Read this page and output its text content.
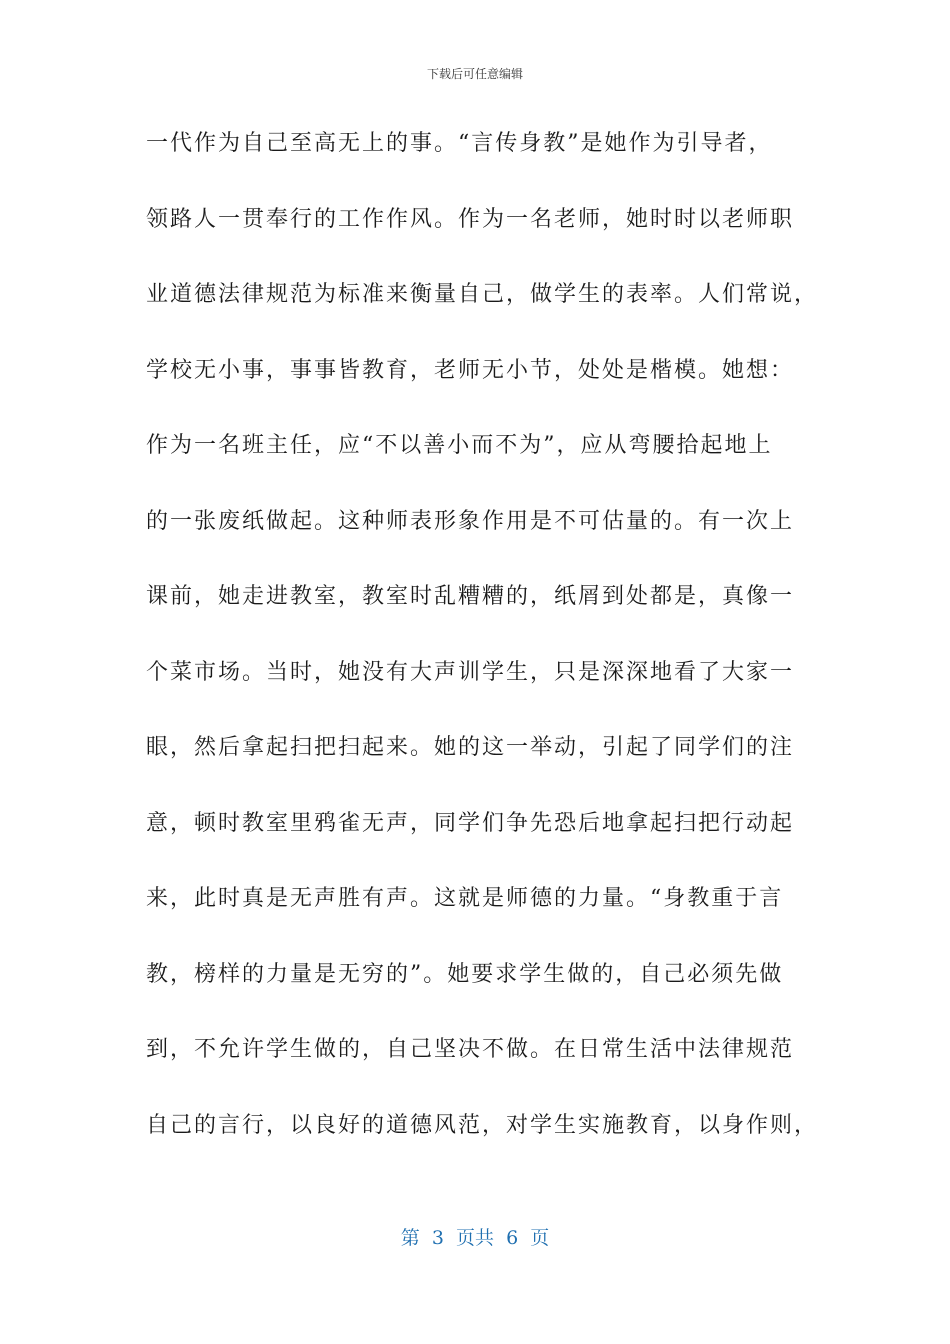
下载后可任意编辑
一代作为自己至高无上的事。“言传身教”是她作为引导者，
领路人一贯奉行的工作作风。作为一名老师，她时时以老师职
业道德法律规范为标准来衡量自己，做学生的表率。人们常说，
学校无小事，事事皆教育，老师无小节，处处是楷模。她想：
作为一名班主任，应“不以善小而不为”，应从弯腰拾起地上
的一张废纸做起。这种师表形象作用是不可估量的。有一次上
课前，她走进教室，教室时乱糟糟的，纸屑到处都是，真像一
个菜市场。当时，她没有大声训学生，只是深深地看了大家一
眼，然后拿起扫把扫起来。她的这一举动，引起了同学们的注
意，顿时教室里鸦雀无声，同学们争先恐后地拿起扫把行动起
来，此时真是无声胜有声。这就是师德的力量。“身教重于言
教，榜样的力量是无穷的”。她要求学生做的，自己必须先做
到，不允许学生做的，自己坚决不做。在日常生活中法律规范
自己的言行，以良好的道德风范，对学生实施教育，以身作则，
第  3  页共  6  页
